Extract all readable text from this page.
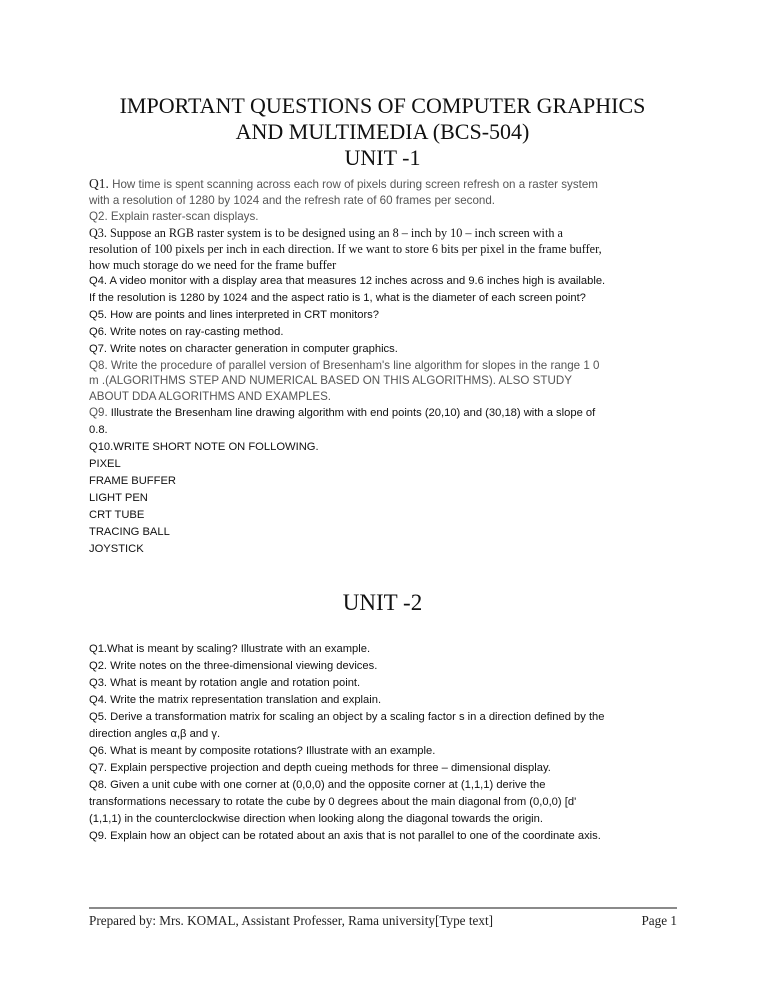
IMPORTANT QUESTIONS OF COMPUTER GRAPHICS
AND MULTIMEDIA (BCS-504)
UNIT -1
Q1. How time is spent scanning across each row of pixels during screen refresh on a raster system
with a resolution of 1280 by 1024 and the refresh rate of 60 frames per second.
Q2. Explain raster-scan displays.
Q3. Suppose an RGB raster system is to be designed using an 8 – inch by 10 – inch screen with a
resolution of 100 pixels per inch in each direction. If we want to store 6 bits per pixel in the frame buffer,
how much storage do we need for the frame buffer
Q4. A video monitor with a display area that measures 12 inches across and 9.6 inches high is available.
If the resolution is 1280 by 1024 and the aspect ratio is 1, what is the diameter of each screen point?
Q5. How are points and lines interpreted in CRT monitors?
Q6. Write notes on ray-casting method.
Q7. Write notes on character generation in computer graphics.
Q8. Write the procedure of parallel version of Bresenham's line algorithm for slopes in the range 1 0
m .(ALGORITHMS STEP AND NUMERICAL BASED ON THIS ALGORITHMS). ALSO STUDY
ABOUT DDA ALGORITHMS AND EXAMPLES.
Q9. Illustrate the Bresenham line drawing algorithm with end points (20,10) and (30,18) with a slope of
0.8.
Q10.WRITE SHORT NOTE ON FOLLOWING.
PIXEL
FRAME BUFFER
LIGHT PEN
CRT TUBE
TRACING BALL
JOYSTICK
UNIT -2
Q1.What is meant by scaling? Illustrate with an example.
Q2. Write notes on the three-dimensional viewing devices.
Q3. What is meant by rotation angle and rotation point.
Q4. Write the matrix representation translation and explain.
Q5. Derive a transformation matrix for scaling an object by a scaling factor s in a direction defined by the
direction angles α,β and γ.
Q6. What is meant by composite rotations? Illustrate with an example.
Q7. Explain perspective projection and depth cueing methods for three – dimensional display.
Q8. Given a unit cube with one corner at (0,0,0) and the opposite corner at (1,1,1) derive the
transformations necessary to rotate the cube by 0 degrees about the main diagonal from (0,0,0) [d'
(1,1,1) in the counterclockwise direction when looking along the diagonal towards the origin.
Q9. Explain how an object can be rotated about an axis that is not parallel to one of the coordinate axis.
Prepared by: Mrs. KOMAL, Assistant Professer, Rama university[Type text]	Page 1
